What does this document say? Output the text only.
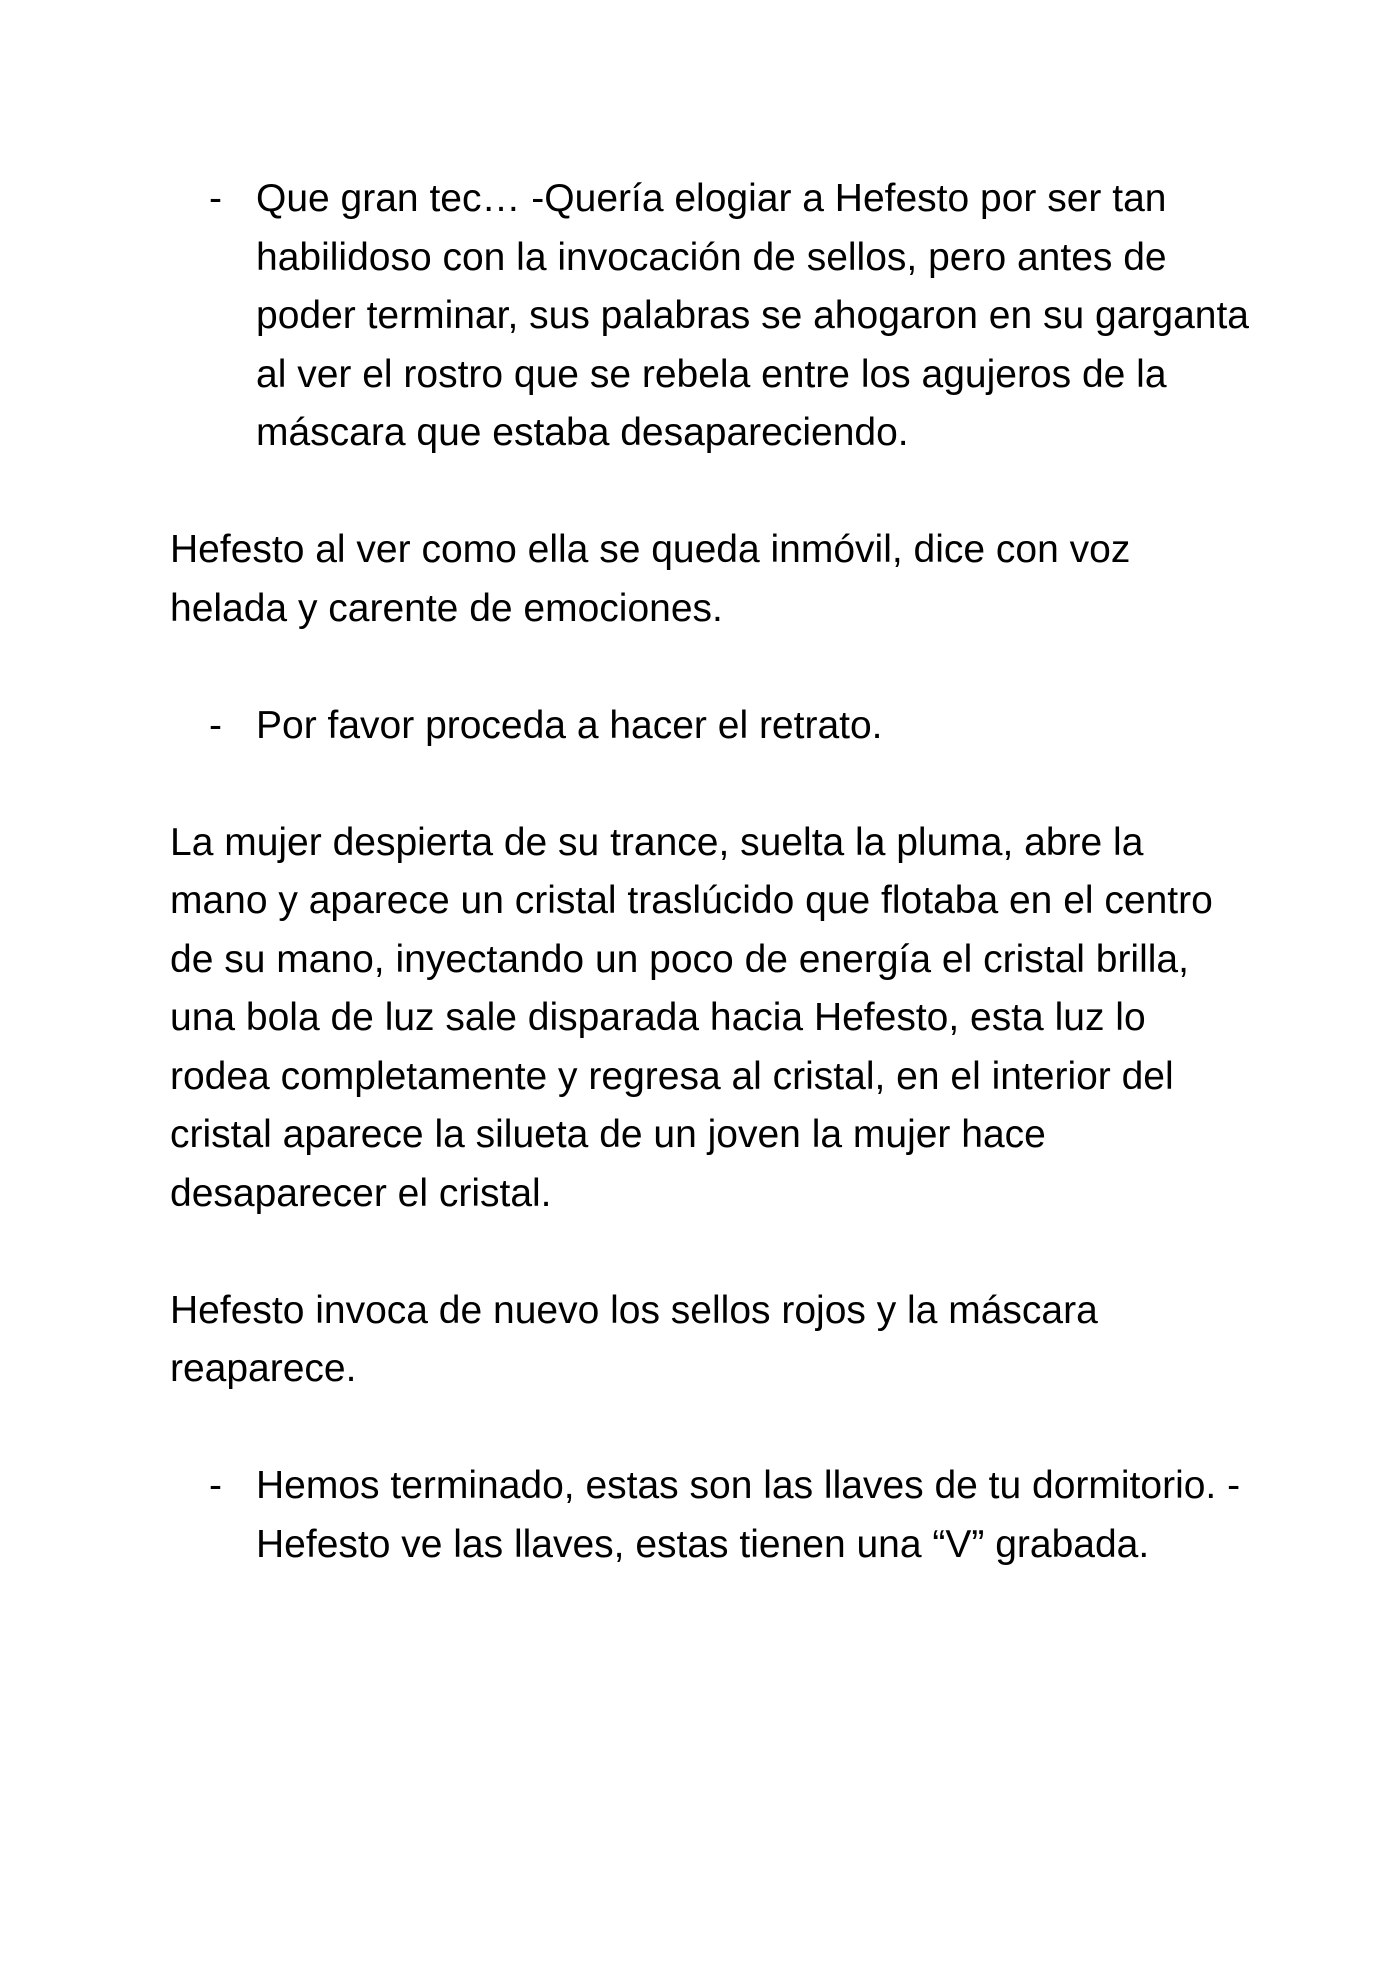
- Que gran tec… -Quería elogiar a Hefesto por ser tan habilidoso con la invocación de sellos, pero antes de poder terminar, sus palabras se ahogaron en su garganta al ver el rostro que se rebela entre los agujeros de la máscara que estaba desapareciendo.

Hefesto al ver como ella se queda inmóvil, dice con voz helada y carente de emociones.

- Por favor proceda a hacer el retrato.

La mujer despierta de su trance, suelta la pluma, abre la mano y aparece un cristal traslúcido que flotaba en el centro de su mano, inyectando un poco de energía el cristal brilla, una bola de luz sale disparada hacia Hefesto, esta luz lo rodea completamente y regresa al cristal, en el interior del cristal aparece la silueta de un joven la mujer hace desaparecer el cristal.

Hefesto invoca de nuevo los sellos rojos y la máscara reaparece.

- Hemos terminado, estas son las llaves de tu dormitorio. -Hefesto ve las llaves, estas tienen una “V” grabada.
